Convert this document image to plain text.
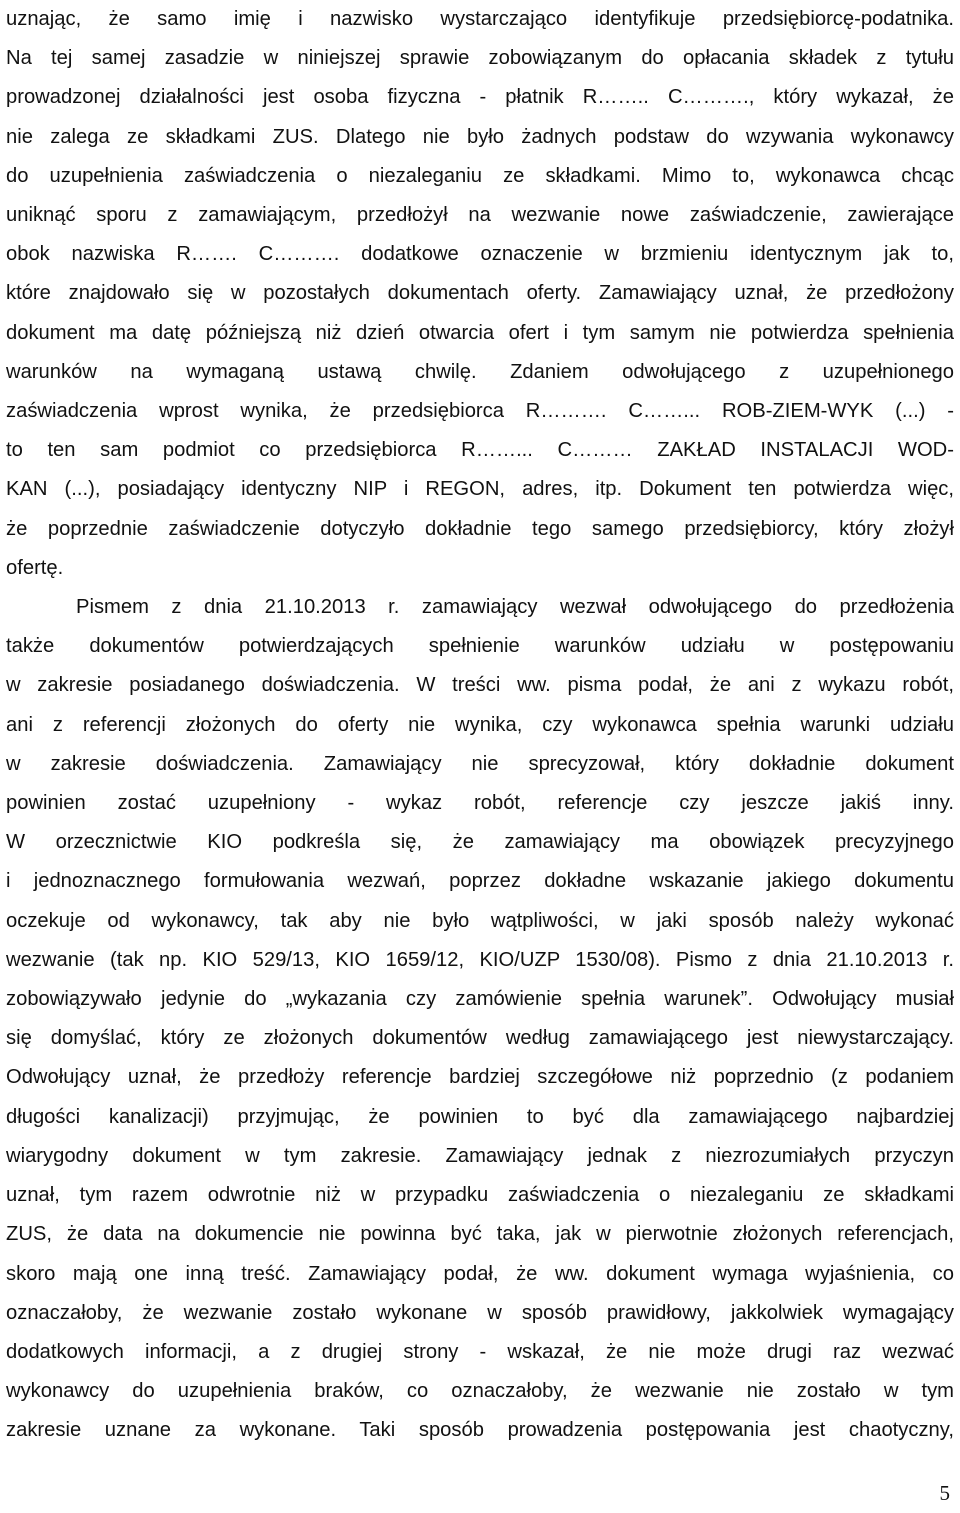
uznając, że samo imię i nazwisko wystarczająco identyfikuje przedsiębiorcę-podatnika.
Na tej samej zasadzie w niniejszej sprawie zobowiązanym do opłacania składek z tytułu
prowadzonej działalności jest osoba fizyczna - płatnik R…….. C………., który wykazał, że
nie zalega ze składkami ZUS. Dlatego nie było żadnych podstaw do wzywania wykonawcy
do uzupełnienia zaświadczenia o niezaleganiu ze składkami. Mimo to, wykonawca chcąc
uniknąć sporu z zamawiającym, przedłożył na wezwanie nowe zaświadczenie, zawierające
obok nazwiska R……. C………. dodatkowe oznaczenie w brzmieniu identycznym jak to,
które znajdowało się w pozostałych dokumentach oferty. Zamawiający uznał, że przedłożony
dokument ma datę późniejszą niż dzień otwarcia ofert i tym samym nie potwierdza spełnienia
warunków na wymaganą ustawą chwilę. Zdaniem odwołującego z uzupełnionego
zaświadczenia wprost wynika, że przedsiębiorca R………. C……... ROB-ZIEM-WYK (...) -
to ten sam podmiot co przedsiębiorca R……... C……… ZAKŁAD INSTALACJI WOD-
KAN (...), posiadający identyczny NIP i REGON, adres, itp. Dokument ten potwierdza więc,
że poprzednie zaświadczenie dotyczyło dokładnie tego samego przedsiębiorcy, który złożył
ofertę.
Pismem z dnia 21.10.2013 r. zamawiający wezwał odwołującego do przedłożenia
także dokumentów potwierdzających spełnienie warunków udziału w postępowaniu
w zakresie posiadanego doświadczenia. W treści ww. pisma podał, że ani z wykazu robót,
ani z referencji złożonych do oferty nie wynika, czy wykonawca spełnia warunki udziału
w zakresie doświadczenia. Zamawiający nie sprecyzował, który dokładnie dokument
powinien zostać uzupełniony - wykaz robót, referencje czy jeszcze jakiś inny.
W orzecznictwie KIO podkreśla się, że zamawiający ma obowiązek precyzyjnego
i jednoznacznego formułowania wezwań, poprzez dokładne wskazanie jakiego dokumentu
oczekuje od wykonawcy, tak aby nie było wątpliwości, w jaki sposób należy wykonać
wezwanie (tak np. KIO 529/13, KIO 1659/12, KIO/UZP 1530/08). Pismo z dnia 21.10.2013 r.
zobowiązywało jedynie do „wykazania czy zamówienie spełnia warunek”. Odwołujący musiał
się domyślać, który ze złożonych dokumentów według zamawiającego jest niewystarczający.
Odwołujący uznał, że przedłoży referencje bardziej szczegółowe niż poprzednio (z podaniem
długości kanalizacji) przyjmując, że powinien to być dla zamawiającego najbardziej
wiarygodny dokument w tym zakresie. Zamawiający jednak z niezrozumiałych przyczyn
uznał, tym razem odwrotnie niż w przypadku zaświadczenia o niezaleganiu ze składkami
ZUS, że data na dokumencie nie powinna być taka, jak w pierwotnie złożonych referencjach,
skoro mają one inną treść. Zamawiający podał, że ww. dokument wymaga wyjaśnienia, co
oznaczałoby, że wezwanie zostało wykonane w sposób prawidłowy, jakkolwiek wymagający
dodatkowych informacji, a z drugiej strony - wskazał, że nie może drugi raz wezwać
wykonawcy do uzupełnienia braków, co oznaczałoby, że wezwanie nie zostało w tym
zakresie uznane za wykonane. Taki sposób prowadzenia postępowania jest chaotyczny,
5
